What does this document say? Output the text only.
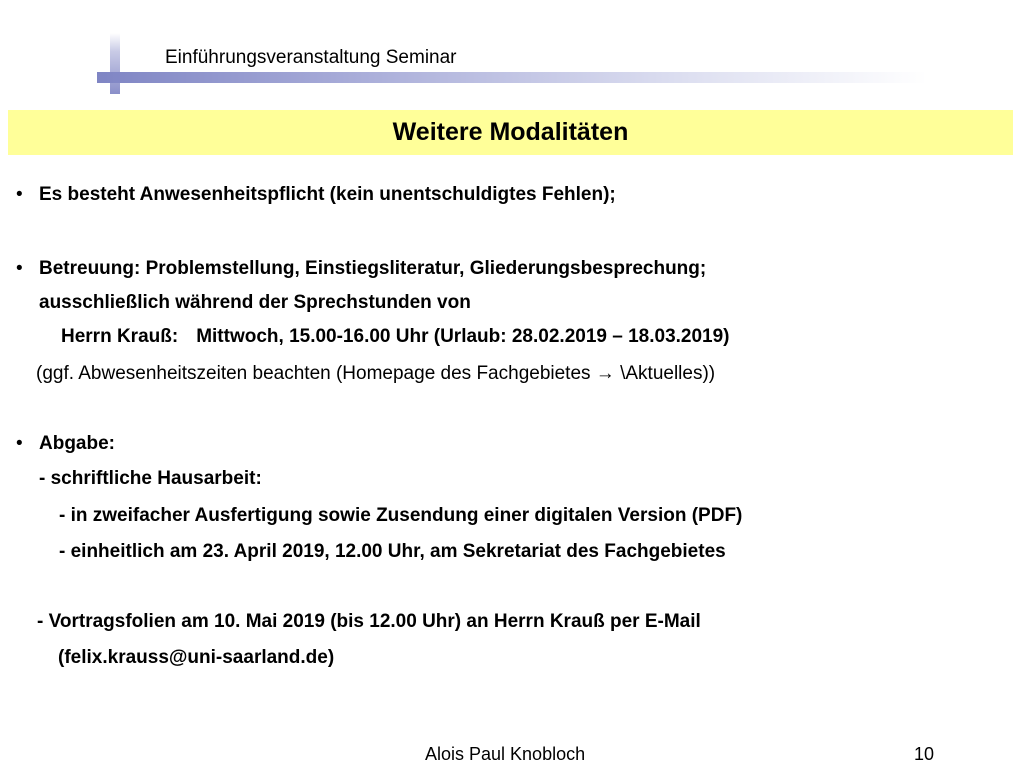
Einführungsveranstaltung Seminar
Weitere Modalitäten
• Es besteht Anwesenheitspflicht (kein unentschuldigtes Fehlen);
• Betreuung: Problemstellung, Einstiegsliteratur, Gliederungsbesprechung;
ausschließlich während der Sprechstunden von
Herrn Krauß: Mittwoch, 15.00-16.00 Uhr (Urlaub: 28.02.2019 – 18.03.2019)
(ggf. Abwesenheitszeiten beachten (Homepage des Fachgebietes → \Aktuelles))
• Abgabe:
- schriftliche Hausarbeit:
- in zweifacher Ausfertigung sowie Zusendung einer digitalen Version (PDF)
- einheitlich am 23. April 2019, 12.00 Uhr, am Sekretariat des Fachgebietes
- Vortragsfolien am 10. Mai 2019 (bis 12.00 Uhr) an Herrn Krauß per E-Mail
(felix.krauss@uni-saarland.de)
Alois Paul Knobloch	10
